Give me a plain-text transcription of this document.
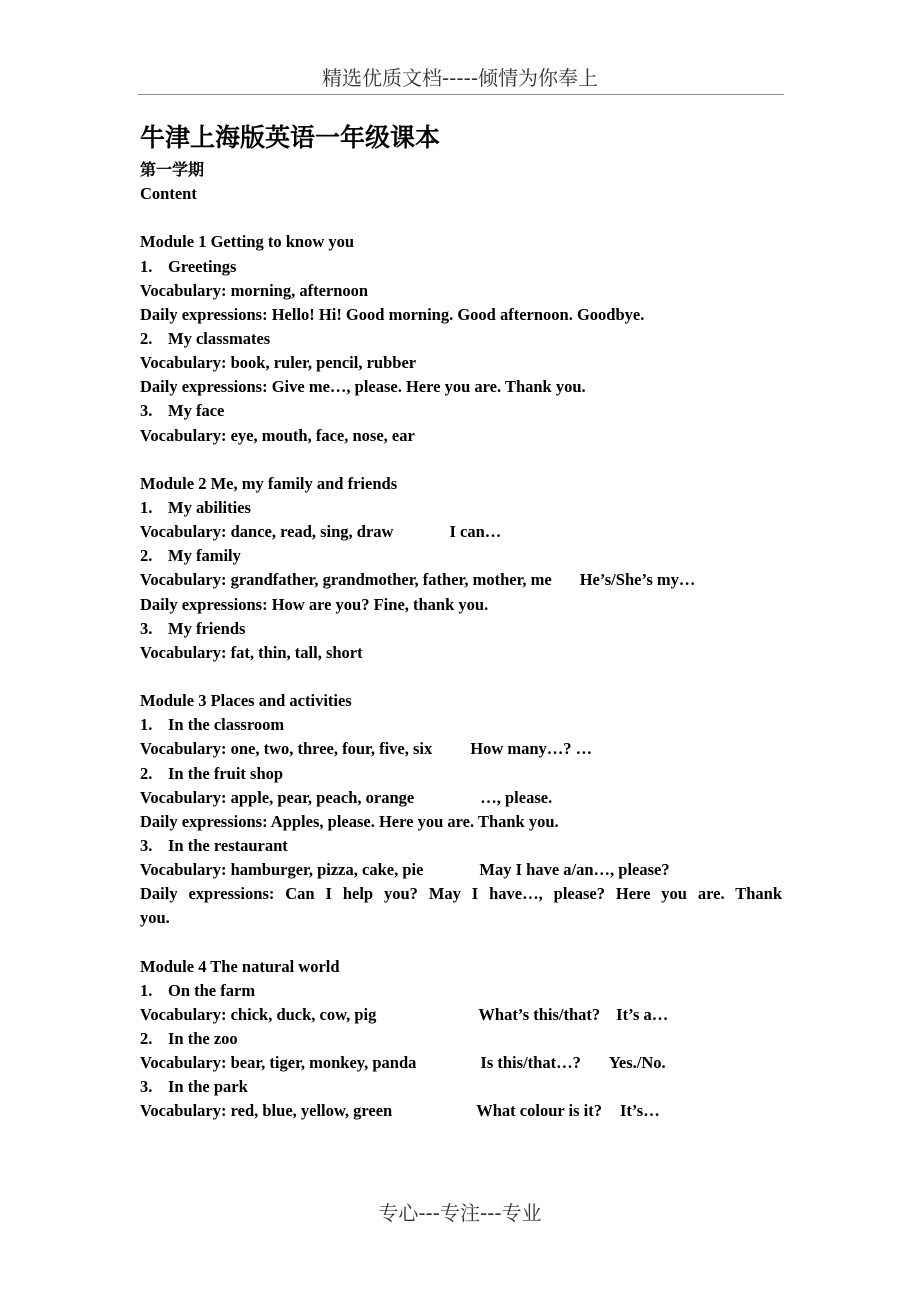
精选优质文档-----倾情为你奉上
牛津上海版英语一年级课本
第一学期
Content
Module 1 Getting to know you
1. Greetings
Vocabulary: morning, afternoon
Daily expressions: Hello! Hi! Good morning. Good afternoon. Goodbye.
2. My classmates
Vocabulary: book, ruler, pencil, rubber
Daily expressions: Give me…, please. Here you are. Thank you.
3. My face
Vocabulary: eye, mouth, face, nose, ear
Module 2 Me, my family and friends
1. My abilities
Vocabulary: dance, read, sing, draw	I can…
2. My family
Vocabulary: grandfather, grandmother, father, mother, me He’s/She’s my…
Daily expressions: How are you? Fine, thank you.
3. My friends
Vocabulary: fat, thin, tall, short
Module 3 Places and activities
1. In the classroom
Vocabulary: one, two, three, four, five, six How many…? …
2. In the fruit shop
Vocabulary: apple, pear, peach, orange	…, please.
Daily expressions: Apples, please. Here you are. Thank you.
3. In the restaurant
Vocabulary: hamburger, pizza, cake, pie	May I have a/an…, please?
Daily expressions: Can I help you? May I have…, please? Here you are. Thank
you.
Module 4 The natural world
1. On the farm
Vocabulary: chick, duck, cow, pig	What’s this/that? It’s a…
2. In the zoo
Vocabulary: bear, tiger, monkey, panda	Is this/that…? Yes./No.
3. In the park
Vocabulary: red, blue, yellow, green	What colour is it? It’s…
专心---专注---专业
